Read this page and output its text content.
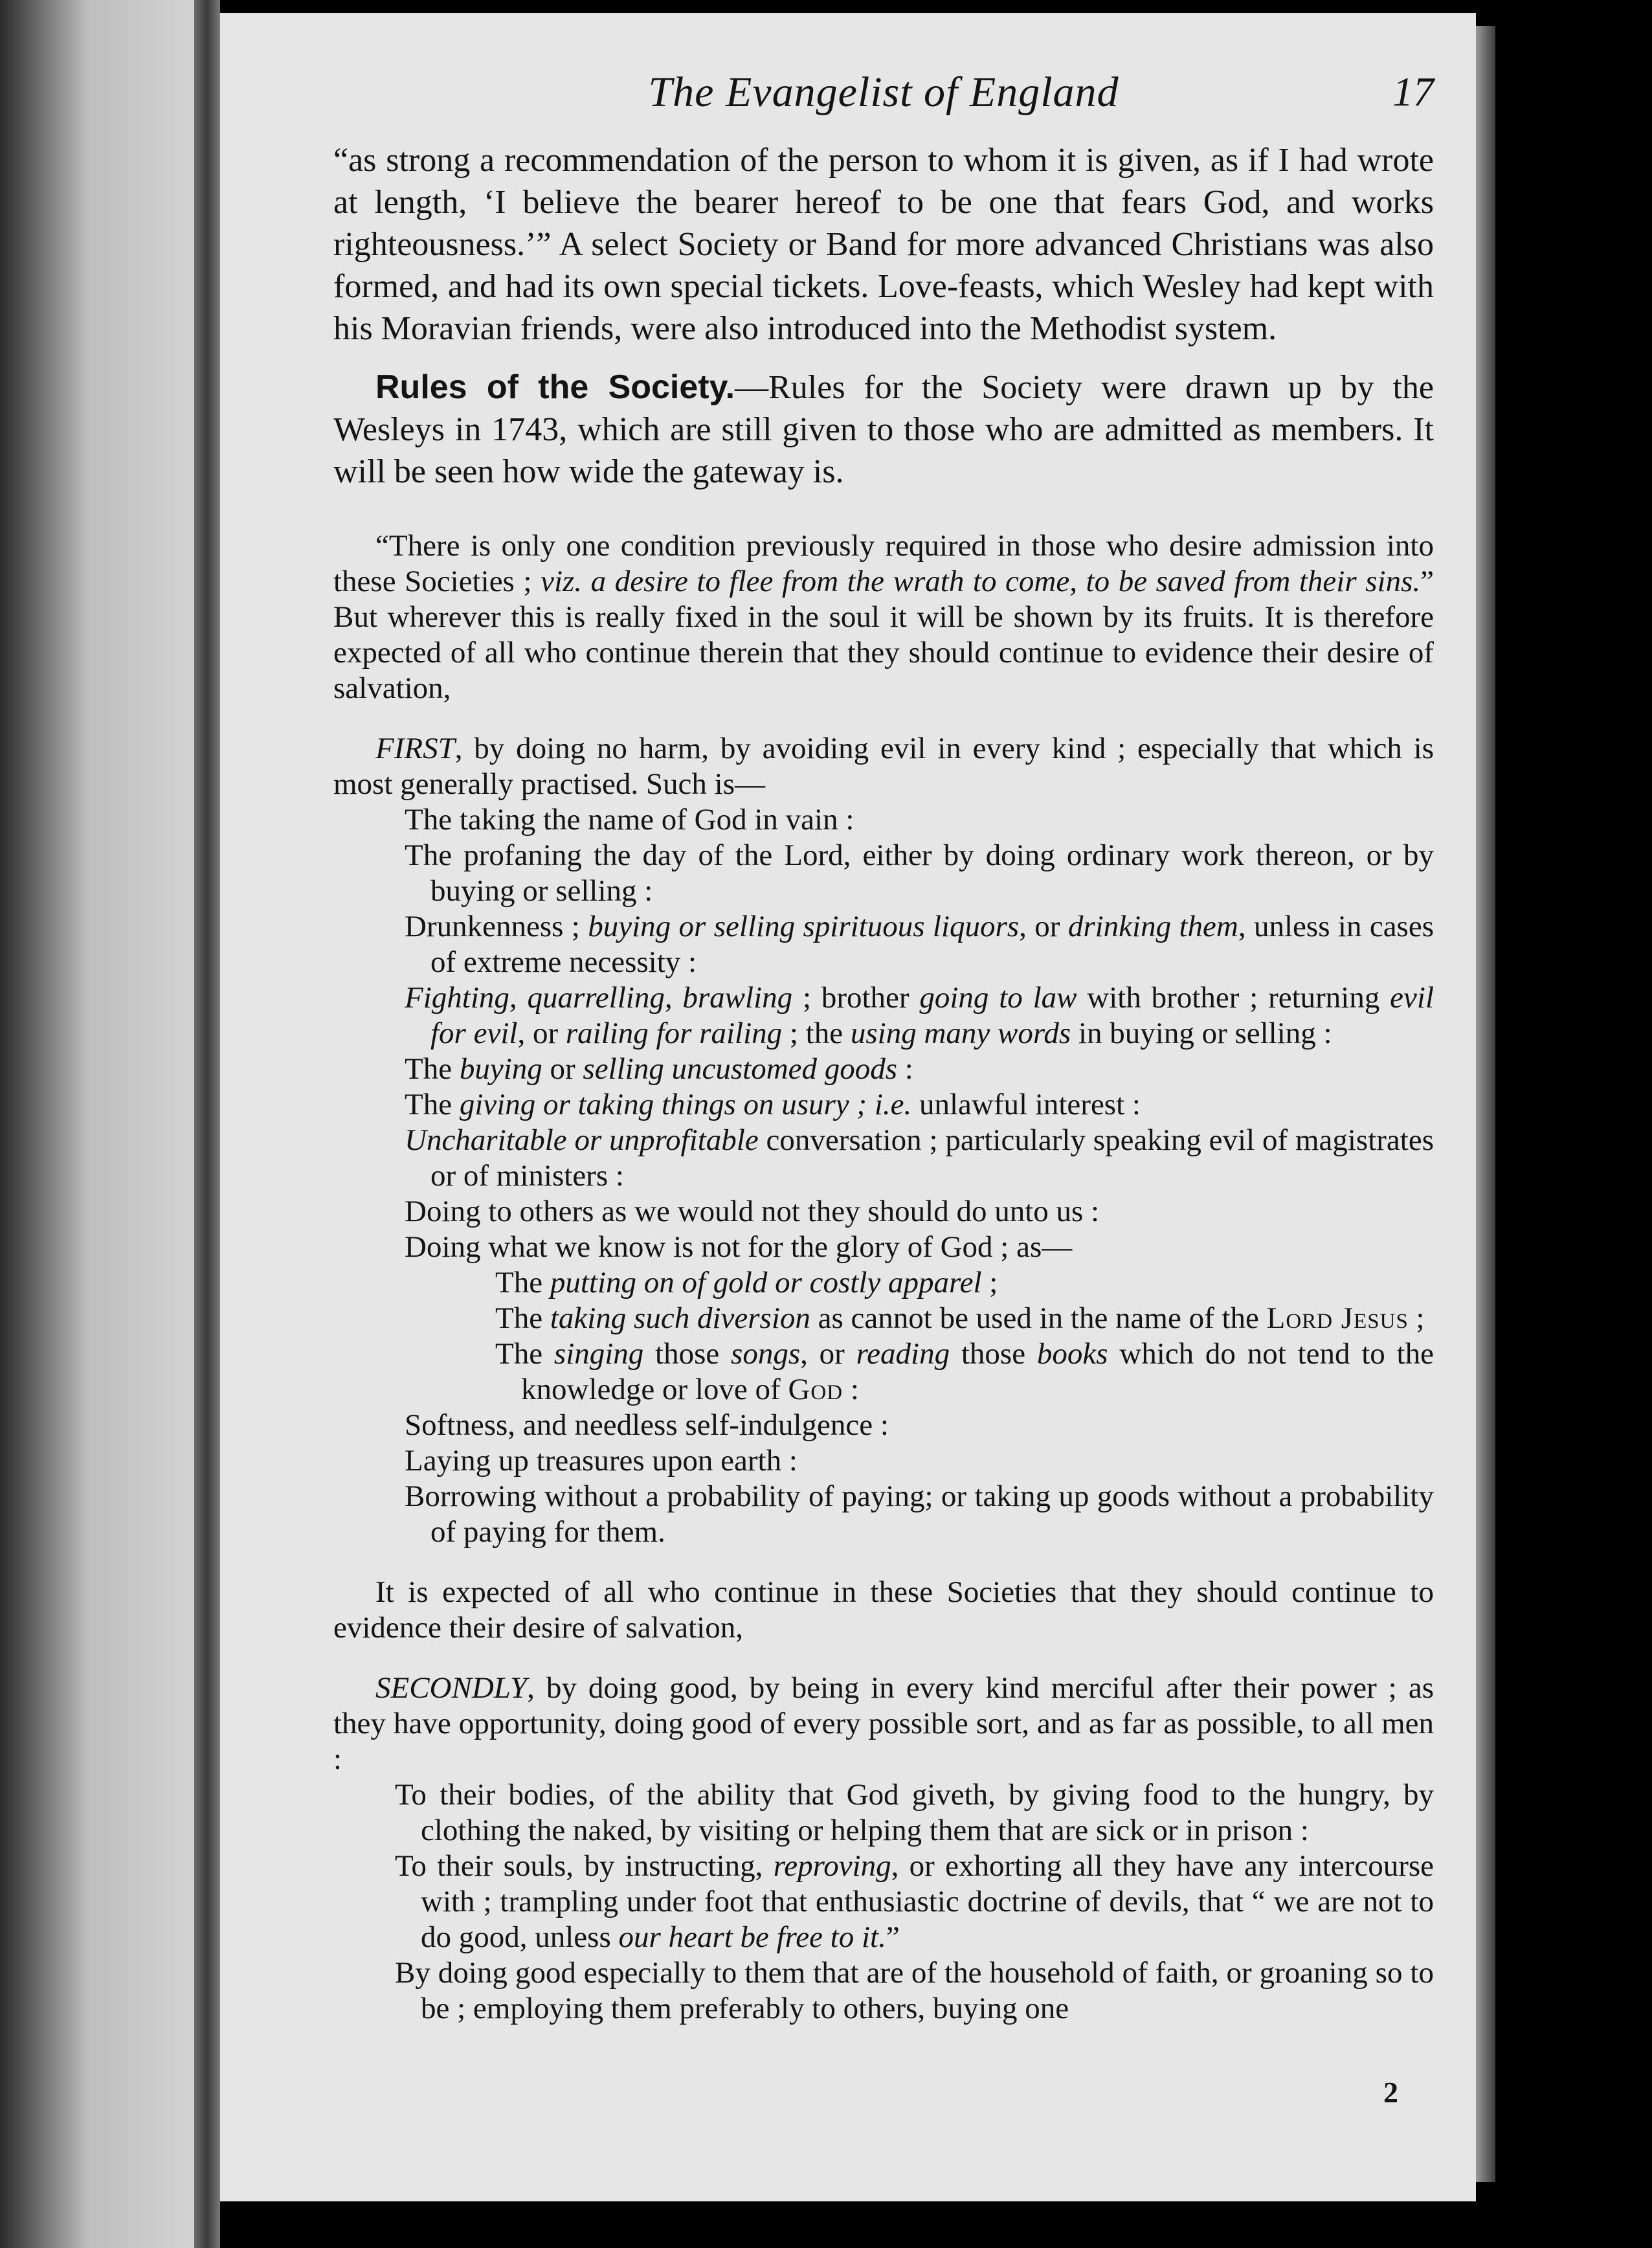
The Evangelist of England	17

“as strong a recommendation of the person to whom it is given, as if I had wrote at length, ‘I believe the bearer hereof to be one that fears God, and works righteousness.’” A select Society or Band for more advanced Christians was also formed, and had its own special tickets. Love-feasts, which Wesley had kept with his Moravian friends, were also introduced into the Methodist system.

Rules of the Society.—Rules for the Society were drawn up by the Wesleys in 1743, which are still given to those who are admitted as members. It will be seen how wide the gateway is.

“There is only one condition previously required in those who desire admission into these Societies ; viz. a desire to flee from the wrath to come, to be saved from their sins.” But wherever this is really fixed in the soul it will be shown by its fruits. It is therefore expected of all who continue therein that they should continue to evidence their desire of salvation,

FIRST, by doing no harm, by avoiding evil in every kind ; especially that which is most generally practised. Such is—

The taking the name of God in vain :
The profaning the day of the Lord, either by doing ordinary work thereon, or by buying or selling :
Drunkenness ; buying or selling spirituous liquors, or drinking them, unless in cases of extreme necessity :
Fighting, quarrelling, brawling ; brother going to law with brother ; returning evil for evil, or railing for railing ; the using many words in buying or selling :
The buying or selling uncustomed goods :
The giving or taking things on usury ; i.e. unlawful interest :
Uncharitable or unprofitable conversation ; particularly speaking evil of magistrates or of ministers :
Doing to others as we would not they should do unto us :
Doing what we know is not for the glory of God ; as—
The putting on of gold or costly apparel ;
The taking such diversion as cannot be used in the name of the Lord Jesus ;
The singing those songs, or reading those books which do not tend to the knowledge or love of God :
Softness, and needless self-indulgence :
Laying up treasures upon earth :
Borrowing without a probability of paying; or taking up goods without a probability of paying for them.

It is expected of all who continue in these Societies that they should continue to evidence their desire of salvation,

SECONDLY, by doing good, by being in every kind merciful after their power ; as they have opportunity, doing good of every possible sort, and as far as possible, to all men :

To their bodies, of the ability that God giveth, by giving food to the hungry, by clothing the naked, by visiting or helping them that are sick or in prison :
To their souls, by instructing, reproving, or exhorting all they have any intercourse with ; trampling under foot that enthusiastic doctrine of devils, that “ we are not to do good, unless our heart be free to it.”
By doing good especially to them that are of the household of faith, or groaning so to be ; employing them preferably to others, buying one
2
